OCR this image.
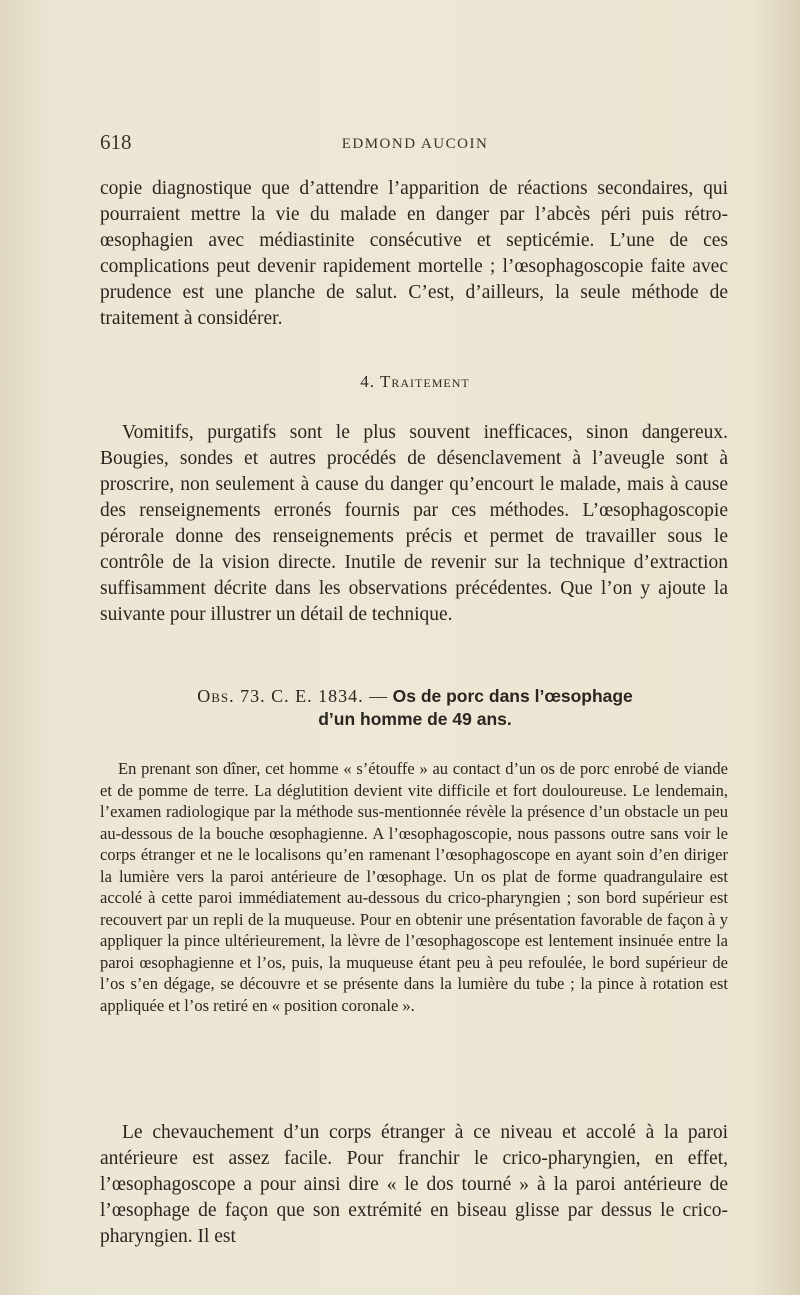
618	EDMOND AUCOIN

copie diagnostique que d’attendre l’apparition de réactions secondaires, qui pourraient mettre la vie du malade en danger par l’abcès péri puis rétro-œsophagien avec médiastinite consécutive et septicémie. L’une de ces complications peut devenir rapidement mortelle ; l’œsophagoscopie faite avec prudence est une planche de salut. C’est, d’ailleurs, la seule méthode de traitement à considérer.

4. Traitement

Vomitifs, purgatifs sont le plus souvent inefficaces, sinon dangereux. Bougies, sondes et autres procédés de désenclavement à l’aveugle sont à proscrire, non seulement à cause du danger qu’encourt le malade, mais à cause des renseignements erronés fournis par ces méthodes. L’œsophagoscopie pérorale donne des renseignements précis et permet de travailler sous le contrôle de la vision directe. Inutile de revenir sur la technique d’extraction suffisamment décrite dans les observations précédentes. Que l’on y ajoute la suivante pour illustrer un détail de technique.

Obs. 73. C. E. 1834. — Os de porc dans l’œsophage
d’un homme de 49 ans.

En prenant son dîner, cet homme « s’étouffe » au contact d’un os de porc enrobé de viande et de pomme de terre. La déglutition devient vite difficile et fort douloureuse. Le lendemain, l’examen radiologique par la méthode sus-mentionnée révèle la présence d’un obstacle un peu au-dessous de la bouche œsophagienne. A l’œsophagoscopie, nous passons outre sans voir le corps étranger et ne le localisons qu’en ramenant l’œsophagoscope en ayant soin d’en diriger la lumière vers la paroi antérieure de l’œsophage. Un os plat de forme quadrangulaire est accolé à cette paroi immédiatement au-dessous du crico-pharyngien ; son bord supérieur est recouvert par un repli de la muqueuse. Pour en obtenir une présentation favorable de façon à y appliquer la pince ultérieurement, la lèvre de l’œsophagoscope est lentement insinuée entre la paroi œsophagienne et l’os, puis, la muqueuse étant peu à peu refoulée, le bord supérieur de l’os s’en dégage, se découvre et se présente dans la lumière du tube ; la pince à rotation est appliquée et l’os retiré en « position coronale ».

Le chevauchement d’un corps étranger à ce niveau et accolé à la paroi antérieure est assez facile. Pour franchir le crico-pharyngien, en effet, l’œsophagoscope a pour ainsi dire « le dos tourné » à la paroi antérieure de l’œsophage de façon que son extrémité en biseau glisse par dessus le crico-pharyngien. Il est
